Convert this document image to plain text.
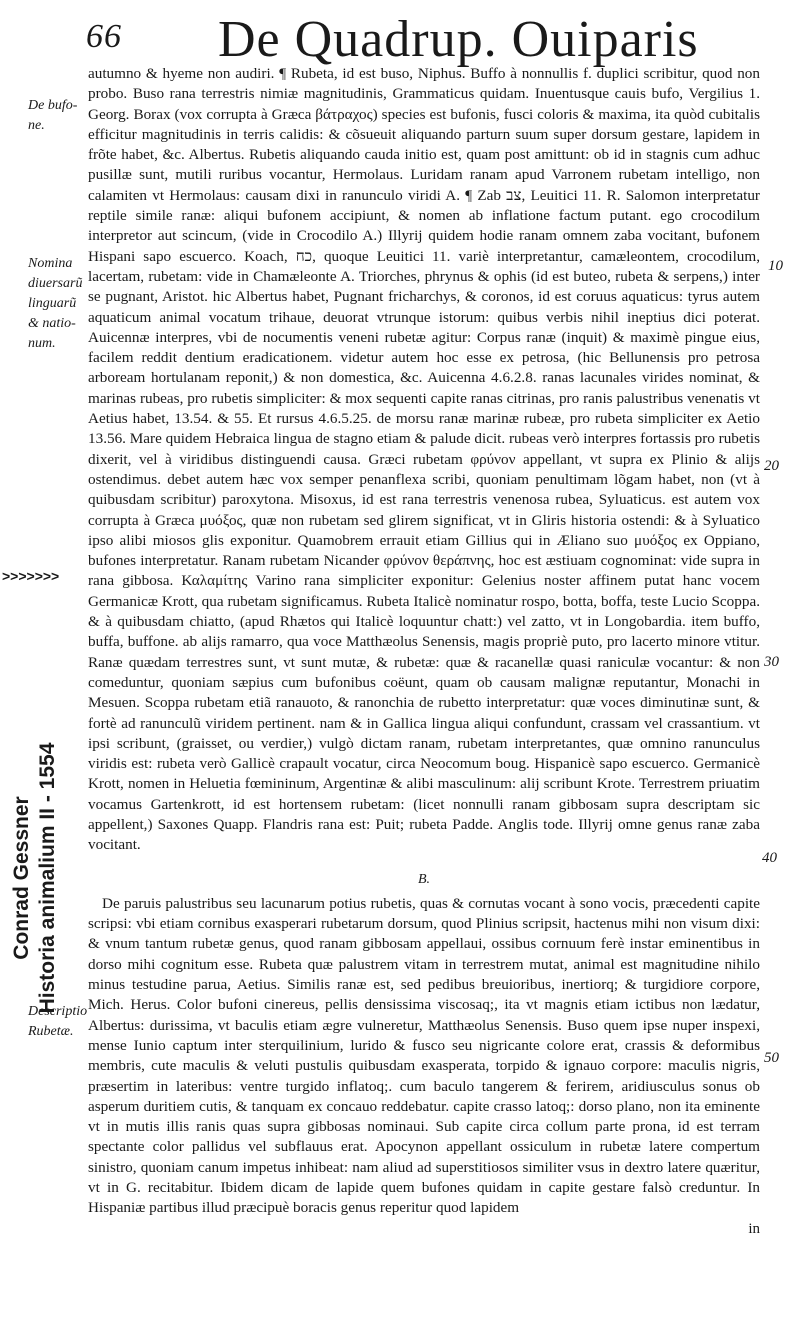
66 De Quadrup. Ouiparis
>>>>>>>
Conrad Gessner Historia animalium II - 1554
De bufo- ne.
Nomina diuersarũ linguarũ & natio- num.
Descriptio Rubetæ.
10
20
30
40
50

autumno & hyeme non audiri. ¶ Rubeta, id est buso, Niphus. Buffo à nonnullis f. duplici scribitur, quod non probo. Buso rana terrestris nimiæ magnitudinis, Grammaticus quidam. Inuentusque cauis bufo, Vergilius 1. Georg. Borax (vox corrupta à Græca βάτραχος) species est bufonis, fusci coloris & maxima, ita quòd cubitalis efficitur magnitudinis in terris calidis: & cõsueuit aliquando parturn suum super dorsum gestare, lapidem in frõte habet, &c. Albertus. Rubetis aliquando cauda initio est, quam post amittunt: ob id in stagnis cum adhuc pusillæ sunt, mutili ruribus vocantur, Hermolaus. Luridam ranam apud Varronem rubetam intelligo, non calamiten vt Hermolaus: causam dixi in ranunculo viridi A. ¶ Zab צב, Leuitici 11. R. Salomon interpretatur reptile simile ranæ: aliqui bufonem accipiunt, & nomen ab inflatione factum putant. ego crocodilum interpretor aut scincum, (vide in Crocodilo A.) Illyrij quidem hodie ranam omnem zaba vocitant, bufonem Hispani sapo escuerco. Koach, כח, quoque Leuitici 11. variè interpretantur, camæleontem, crocodilum, lacertam, rubetam: vide in Chamæleonte A. Triorches, phrynus & ophis (id est buteo, rubeta & serpens,) inter se pugnant, Aristot. hic Albertus habet, Pugnant fricharchys, & coronos, id est coruus aquaticus: tyrus autem aquaticum animal vocatum trihaue, deuorat vtrunque istorum: quibus verbis nihil ineptius dici poterat. Auicennæ interpres, vbi de nocumentis veneni rubetæ agitur: Corpus ranæ (inquit) & maximè pingue eius, facilem reddit dentium eradicationem. videtur autem hoc esse ex petrosa, (hic Bellunensis pro petrosa arboream hortulanam reponit,) & non domestica, &c. Auicenna 4.6.2.8. ranas lacunales virides nominat, & marinas rubeas, pro rubetis simpliciter: & mox sequenti capite ranas citrinas, pro ranis palustribus venenatis vt Aetius habet, 13.54. & 55. Et rursus 4.6.5.25. de morsu ranæ marinæ rubeæ, pro rubeta simpliciter ex Aetio 13.56. Mare quidem Hebraica lingua de stagno etiam & palude dicit. rubeas verò interpres fortassis pro rubetis dixerit, vel à viridibus distinguendi causa. Græci rubetam φρύνον appellant, vt supra ex Plinio & alijs ostendimus. debet autem hæc vox semper penanflexa scribi, quoniam penultimam lõgam habet, non (vt à quibusdam scribitur) paroxytona. Misoxus, id est rana terrestris venenosa rubea, Syluaticus. est autem vox corrupta à Græca μυόξος, quæ non rubetam sed glirem significat, vt in Gliris historia ostendi: & à Syluatico ipso alibi miosos glis exponitur. Quamobrem errauit etiam Gillius qui in Æliano suo μυόξος ex Oppiano, bufones interpretatur. Ranam rubetam Nicander φρύνον θεράπνης, hoc est æstiuam cognominat: vide supra in rana gibbosa. Καλαμίτης Varino rana simpliciter exponitur: Gelenius noster affinem putat hanc vocem Germanicæ Krott, qua rubetam significamus. Rubeta Italicè nominatur rospo, botta, boffa, teste Lucio Scoppa. & à quibusdam chiatto, (apud Rhætos qui Italicè loquuntur chatt:) vel zatto, vt in Longobardia. item buffo, buffa, buffone. ab alijs ramarro, qua voce Matthæolus Senensis, magis propriè puto, pro lacerto minore vtitur. Ranæ quædam terrestres sunt, vt sunt mutæ, & rubetæ: quæ & racanellæ quasi raniculæ vocantur: & non comeduntur, quoniam sæpius cum bufonibus coëunt, quam ob causam malignæ reputantur, Monachi in Mesuen. Scoppa rubetam etiã ranauoto, & ranonchia de rubetto interpretatur: quæ voces diminutinæ sunt, & fortè ad ranunculũ viridem pertinent. nam & in Gallica lingua aliqui confundunt, crassam vel crassantium. vt ipsi scribunt, (graisset, ou verdier,) vulgò dictam ranam, rubetam interpretantes, quæ omnino ranunculus viridis est: rubeta verò Gallicè crapault vocatur, circa Neocomum boug. Hispanicè sapo escuerco. Germanicè Krott, nomen in Heluetia fœmininum, Argentinæ & alibi masculinum: alij scribunt Krote. Terrestrem priuatim vocamus Gartenkrott, id est hortensem rubetam: (licet nonnulli ranam gibbosam supra descriptam sic appellent,) Saxones Quapp. Flandris rana est: Puit; rubeta Padde. Anglis tode. Illyrij omne genus ranæ zaba vocitant.

B.

De paruis palustribus seu lacunarum potius rubetis, quas & cornutas vocant à sono vocis, præcedenti capite scripsi: vbi etiam cornibus exasperari rubetarum dorsum, quod Plinius scripsit, hactenus mihi non visum dixi: & vnum tantum rubetæ genus, quod ranam gibbosam appellaui, ossibus cornuum ferè instar eminentibus in dorso mihi cognitum esse. Rubeta quæ palustrem vitam in terrestrem mutat, animal est magnitudine nihilo minus testudine parua, Aetius. Similis ranæ est, sed pedibus breuioribus, inertiorq; & turgidiore corpore, Mich. Herus. Color bufoni cinereus, pellis densissima viscosaq;, ita vt magnis etiam ictibus non lædatur, Albertus: durissima, vt baculis etiam ægre vulneretur, Matthæolus Senensis. Buso quem ipse nuper inspexi, mense Iunio captum inter sterquilinium, lurido & fusco seu nigricante colore erat, crassis & deformibus membris, cute maculis & veluti pustulis quibusdam exasperata, torpido & ignauo corpore: maculis nigris, præsertim in lateribus: ventre turgido inflatoq;. cum baculo tangerem & ferirem, aridiusculus sonus ob asperum duritiem cutis, & tanquam ex concauo reddebatur. capite crasso latoq;: dorso plano, non ita eminente vt in mutis illis ranis quas supra gibbosas nominaui. Sub capite circa collum parte prona, id est terram spectante color pallidus vel subflauus erat. Apocynon appellant ossiculum in rubetæ latere compertum sinistro, quoniam canum impetus inhibeat: nam aliud ad superstitiosos similiter vsus in dextro latere quæritur, vt in G. recitabitur. Ibidem dicam de lapide quem bufones quidam in capite gestare falsò creduntur. In Hispaniæ partibus illud præcipuè boracis genus reperitur quod lapidem

in
